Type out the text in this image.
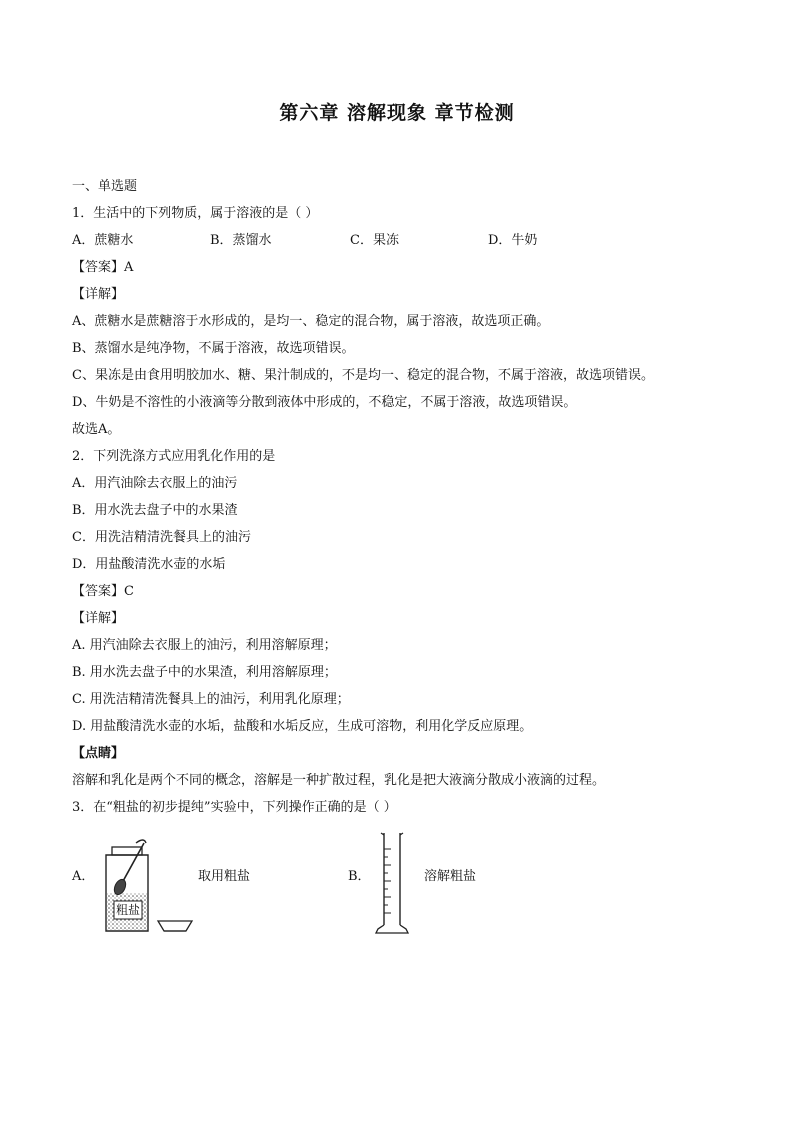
第六章 溶解现象 章节检测
一、单选题
1．生活中的下列物质，属于溶液的是（ ）
A．蔗糖水	B．蒸馏水	C．果冻	D．牛奶
【答案】A
【详解】
A、蔗糖水是蔗糖溶于水形成的，是均一、稳定的混合物，属于溶液，故选项正确。
B、蒸馏水是纯净物，不属于溶液，故选项错误。
C、果冻是由食用明胶加水、糖、果汁制成的，不是均一、稳定的混合物，不属于溶液，故选项错误。
D、牛奶是不溶性的小液滴等分散到液体中形成的，不稳定，不属于溶液，故选项错误。
故选A。
2．下列洗涤方式应用乳化作用的是
A．用汽油除去衣服上的油污
B．用水洗去盘子中的水果渣
C．用洗洁精清洗餐具上的油污
D．用盐酸清洗水壶的水垢
【答案】C
【详解】
A. 用汽油除去衣服上的油污，利用溶解原理；
B. 用水洗去盘子中的水果渣，利用溶解原理；
C. 用洗洁精清洗餐具上的油污，利用乳化原理；
D. 用盐酸清洗水壶的水垢，盐酸和水垢反应，生成可溶物，利用化学反应原理。
【点睛】
溶解和乳化是两个不同的概念，溶解是一种扩散过程，乳化是把大液滴分散成小液滴的过程。
3．在“粗盐的初步提纯”实验中，下列操作正确的是（ ）
A．
粗盐
取用粗盐	B．	溶解粗盐
